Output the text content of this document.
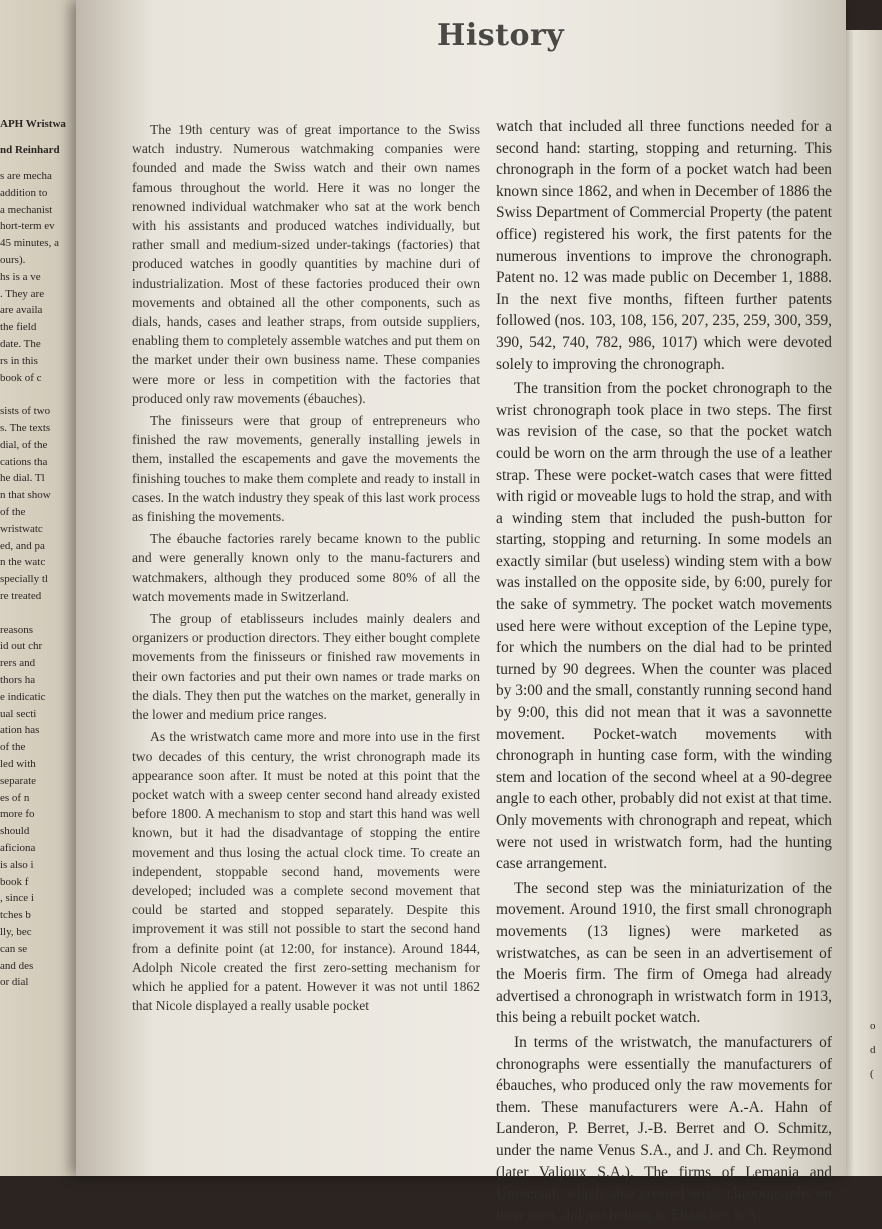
APH Wristwa
nd Reinhard
s are mecha
addition to
a mechanist
hort-term ev
45 minutes, a
ours).
hs is a ve
. They are
are availa
the field
date. The
rs in this
book of c
sists of two
s. The texts
dial, of the
cations tha
he dial. Tl
n that show
of the
wristwatc
ed, and pa
n the watc
specially tl
re treated
reasons
id out chr
rers and
thors ha
e indicatic
ual secti
ation has
of the
led with
separate
es of n
more fo
should
aficiona
is also i
book f
, since i
tches b
lly, bec
can se
and des
or dial
o
d
(
History

The 19th century was of great importance to the Swiss watch industry. Numerous watchmaking companies were founded and made the Swiss watch and their own names famous throughout the world. Here it was no longer the renowned individual watchmaker who sat at the work bench with his assistants and produced watches individually, but rather small and medium-sized under-takings (factories) that produced watches in goodly quantities by machine duri of industrialization. Most of these factories produced their own movements and obtained all the other components, such as dials, hands, cases and leather straps, from outside suppliers, enabling them to completely assemble watches and put them on the market under their own business name. These companies were more or less in competition with the factories that produced only raw movements (ébauches).

The finisseurs were that group of entrepreneurs who finished the raw movements, generally installing jewels in them, installed the escapements and gave the movements the finishing touches to make them complete and ready to install in cases. In the watch industry they speak of this last work process as finishing the movements.

The ébauche factories rarely became known to the public and were generally known only to the manu-facturers and watchmakers, although they produced some 80% of all the watch movements made in Switzerland.

The group of etablisseurs includes mainly dealers and organizers or production directors. They either bought complete movements from the finisseurs or finished raw movements in their own factories and put their own names or trade marks on the dials. They then put the watches on the market, generally in the lower and medium price ranges.

As the wristwatch came more and more into use in the first two decades of this century, the wrist chronograph made its appearance soon after. It must be noted at this point that the pocket watch with a sweep center second hand already existed before 1800. A mechanism to stop and start this hand was well known, but it had the disadvantage of stopping the entire movement and thus losing the actual clock time. To create an independent, stoppable second hand, movements were developed; included was a complete second movement that could be started and stopped separately. Despite this improvement it was still not possible to start the second hand from a definite point (at 12:00, for instance). Around 1844, Adolph Nicole created the first zero-setting mechanism for which he applied for a patent. However it was not until 1862 that Nicole displayed a really usable pocket

watch that included all three functions needed for a second hand: starting, stopping and returning. This chronograph in the form of a pocket watch had been known since 1862, and when in December of 1886 the Swiss Department of Commercial Property (the patent office) registered his work, the first patents for the numerous inventions to improve the chronograph. Patent no. 12 was made public on December 1, 1888. In the next five months, fifteen further patents followed (nos. 103, 108, 156, 207, 235, 259, 300, 359, 390, 542, 740, 782, 986, 1017) which were devoted solely to improving the chronograph.

The transition from the pocket chronograph to the wrist chronograph took place in two steps. The first was revision of the case, so that the pocket watch could be worn on the arm through the use of a leather strap. These were pocket-watch cases that were fitted with rigid or moveable lugs to hold the strap, and with a winding stem that included the push-button for starting, stopping and returning. In some models an exactly similar (but useless) winding stem with a bow was installed on the opposite side, by 6:00, purely for the sake of symmetry. The pocket watch movements used here were without exception of the Lepine type, for which the numbers on the dial had to be printed turned by 90 degrees. When the counter was placed by 3:00 and the small, constantly running second hand by 9:00, this did not mean that it was a savonnette movement. Pocket-watch movements with chronograph in hunting case form, with the winding stem and location of the second wheel at a 90-degree angle to each other, probably did not exist at that time. Only movements with chronograph and repeat, which were not used in wristwatch form, had the hunting case arrangement.

The second step was the miniaturization of the movement. Around 1910, the first small chronograph movements (13 lignes) were marketed as wristwatches, as can be seen in an advertisement of the Moeris firm. The firm of Omega had already advertised a chronograph in wristwatch form in 1913, this being a rebuilt pocket watch.

In terms of the wristwatch, the manufacturers of chronographs were essentially the manufacturers of ébauches, who produced only the raw movements for them. These manufacturers were A.-A. Hahn of Landeron, P. Berret, J.-B. Berret and O. Schmitz, under the name Venus S.A., and J. and Ch. Reymond (later Valjoux S.A.). The firms of Lemania and Universal, which also created wrist chronographs on their own, did not belong to Ebauches S.A.
